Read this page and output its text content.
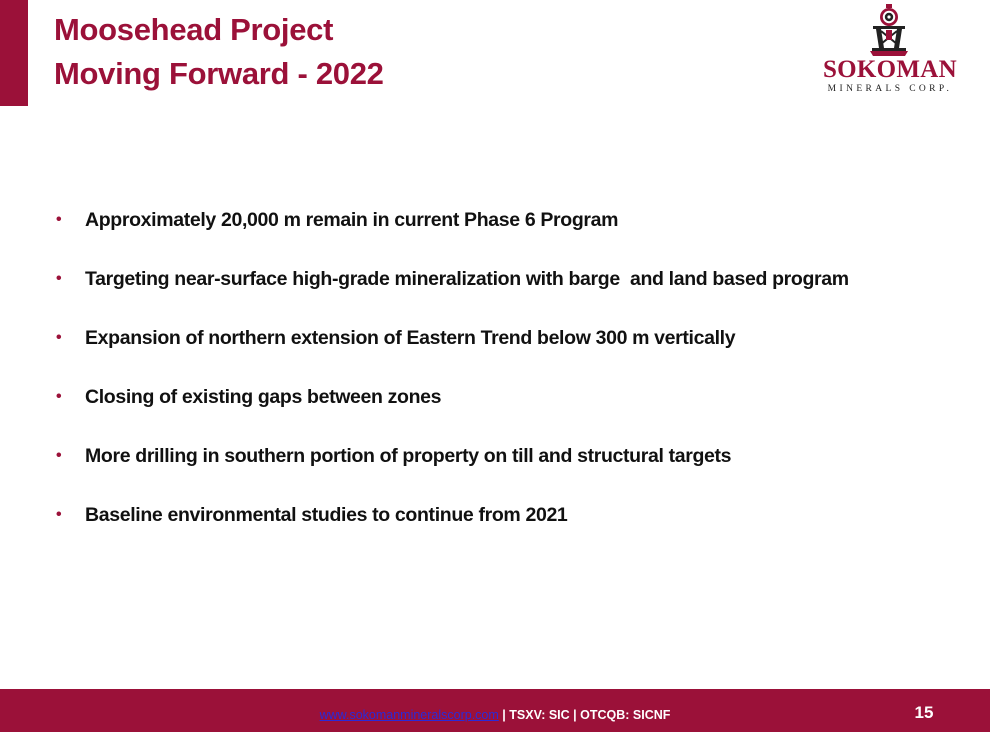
Moosehead Project
Moving Forward - 2022	SOKOMAN
MINERALS CORP.
• Approximately 20,000 m remain in current Phase 6 Program
• Targeting near-surface high-grade mineralization with barge  and land based program
• Expansion of northern extension of Eastern Trend below 300 m vertically
• Closing of existing gaps between zones
• More drilling in southern portion of property on till and structural targets
• Baseline environmental studies to continue from 2021
www.sokomanmineralscorp.com | TSXV: SIC | OTCQB: SICNF	15
